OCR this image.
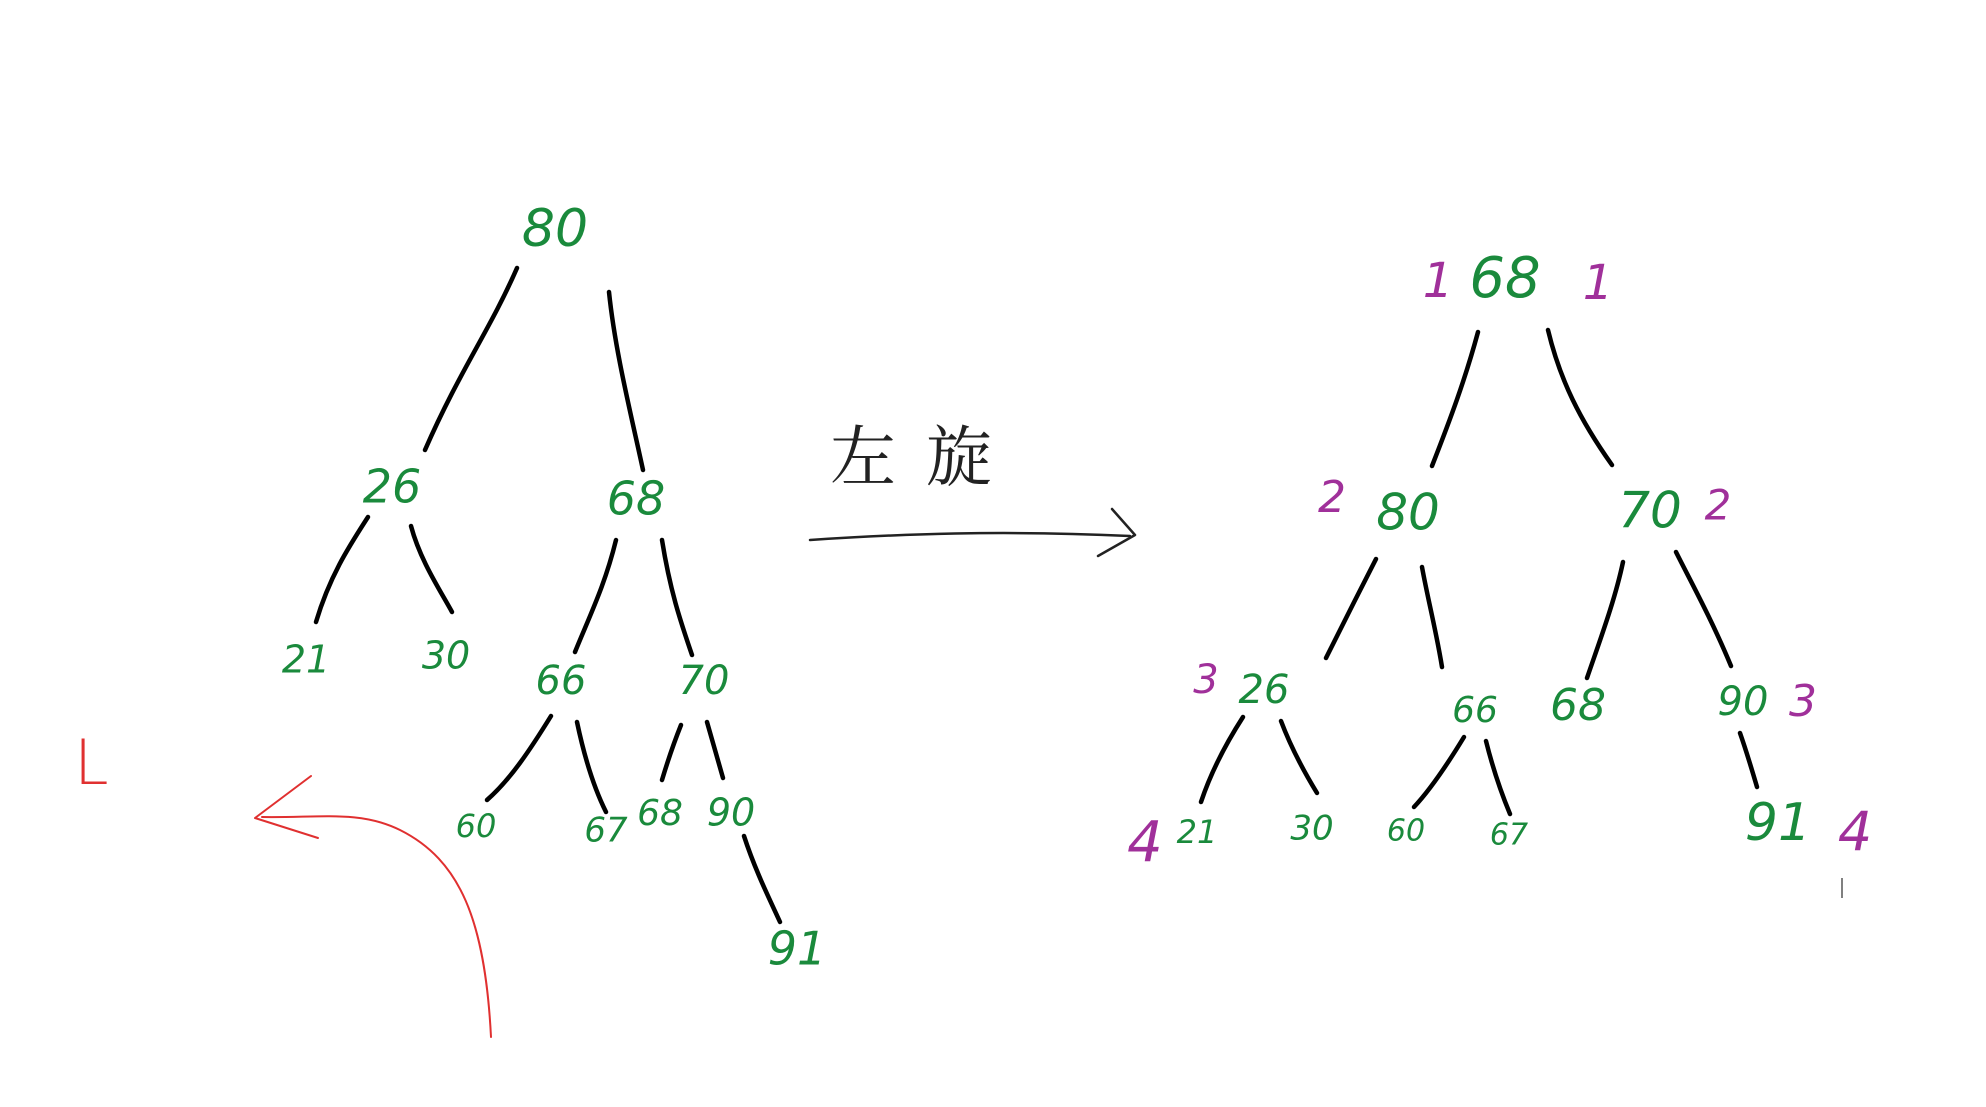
80
26	68
21 30
66 70
60	67 68 90
91
左旋
L
68
80	70
26	66 68	90
21 30 60 67	91
1	1
2	2
3	3
4	4
